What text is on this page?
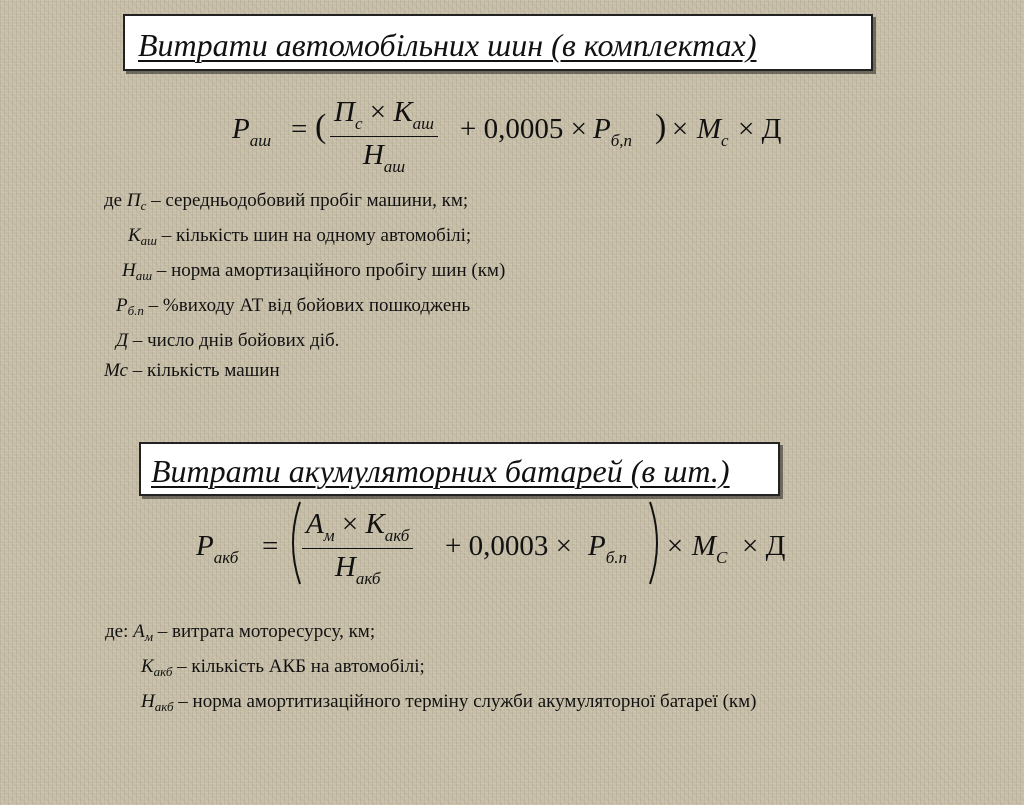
Витрати автомобільних шин (в комплектах)
$P_{аш}$ = ( $П_с \times К_{аш}$
$Н_{аш}$
+ $0,0005 \times P_{б,п}$ ) × $М_с \times Д$
де $П_с$ – середньодобовий пробіг машини, км;
$К_{аш}$ – кількість шин на одному автомобілі;
$Н_{аш}$ – норма амортизаційного пробігу шин (км)
$Р_{б.п}$ – %виходу АТ від бойових пошкоджень
Д – число днів бойових діб.
Мс – кількість машин
Витрати акумуляторних батарей (в шт.)
$P_{акб}$ =
$А_м \times К_{акб}$
$Н_{акб}$
+ $0,0003 \times P_{б.п} \times М_С \times Д$
де: $А_м$ – витрата моторесурсу, км;
$К_{акб}$ – кількість АКБ на автомобілі;
$Н_{акб}$ – норма амортитизаційного терміну служби акумуляторної батареї (км)
